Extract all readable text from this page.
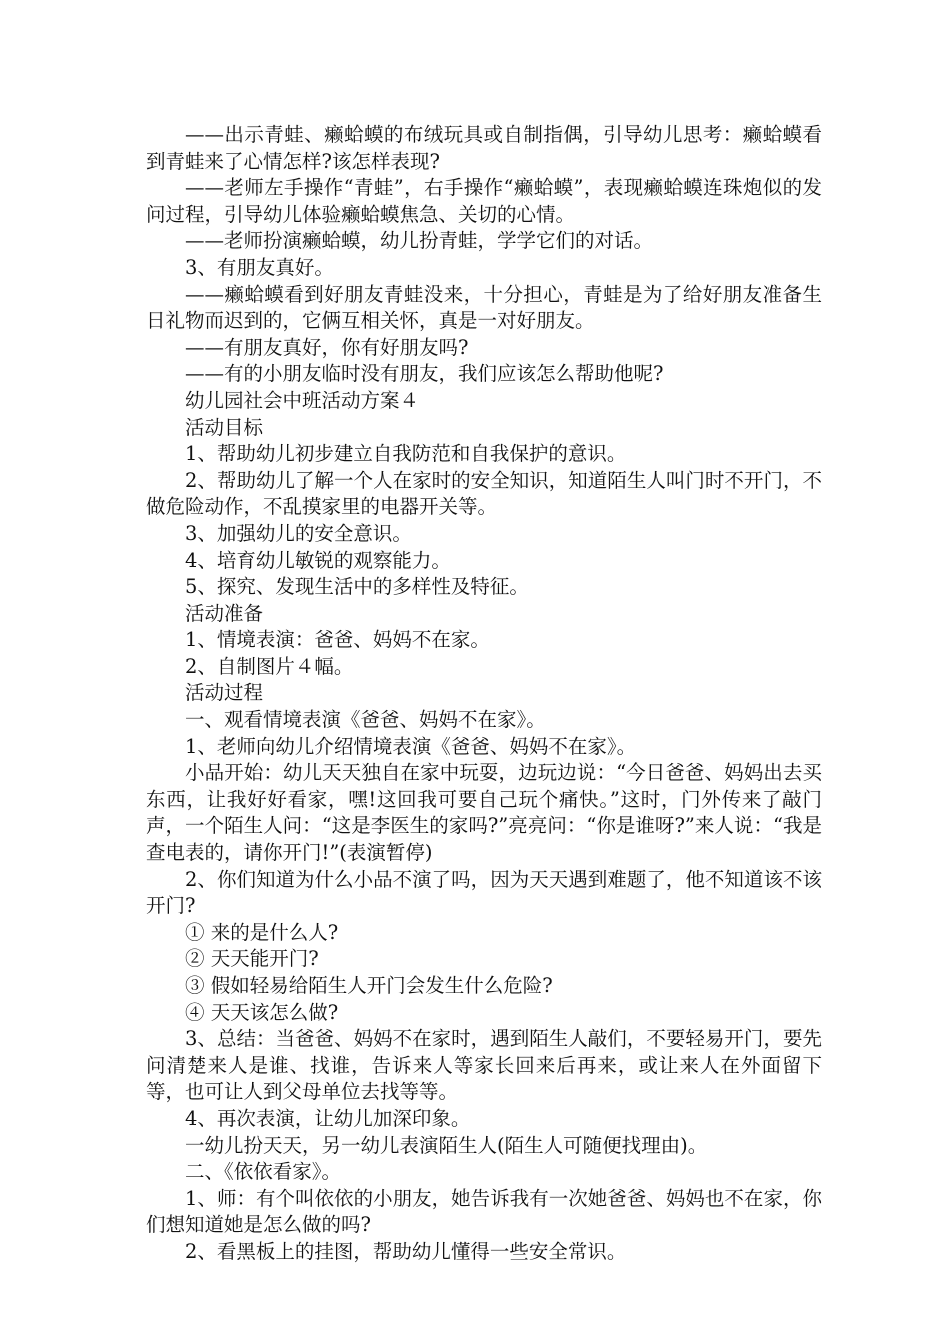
——出示青蛙、癞蛤蟆的布绒玩具或自制指偶，引导幼儿思考：癞蛤蟆看到青蛙来了心情怎样?该怎样表现?

——老师左手操作“青蛙”，右手操作“癞蛤蟆”，表现癞蛤蟆连珠炮似的发问过程，引导幼儿体验癞蛤蟆焦急、关切的心情。

——老师扮演癞蛤蟆，幼儿扮青蛙，学学它们的对话。

3、有朋友真好。

——癞蛤蟆看到好朋友青蛙没来，十分担心，青蛙是为了给好朋友准备生日礼物而迟到的，它俩互相关怀，真是一对好朋友。

——有朋友真好，你有好朋友吗?

——有的小朋友临时没有朋友，我们应该怎么帮助他呢?

幼儿园社会中班活动方案４

活动目标

1、帮助幼儿初步建立自我防范和自我保护的意识。

2、帮助幼儿了解一个人在家时的安全知识，知道陌生人叫门时不开门，不做危险动作，不乱摸家里的电器开关等。

3、加强幼儿的安全意识。

4、培育幼儿敏锐的观察能力。

5、探究、发现生活中的多样性及特征。

活动准备

1、情境表演：爸爸、妈妈不在家。

2、自制图片４幅。

活动过程

一、观看情境表演《爸爸、妈妈不在家》。

1、老师向幼儿介绍情境表演《爸爸、妈妈不在家》。

小品开始：幼儿天天独自在家中玩耍，边玩边说：“今日爸爸、妈妈出去买东西，让我好好看家，嘿!这回我可要自己玩个痛快。”这时，门外传来了敲门声，一个陌生人问：“这是李医生的家吗?”亮亮问：“你是谁呀?”来人说：“我是查电表的，请你开门!”(表演暂停)

2、你们知道为什么小品不演了吗，因为天天遇到难题了，他不知道该不该开门?

① 来的是什么人?

② 天天能开门?

③ 假如轻易给陌生人开门会发生什么危险?

④ 天天该怎么做?

3、总结：当爸爸、妈妈不在家时，遇到陌生人敲们，不要轻易开门，要先问清楚来人是谁、找谁，告诉来人等家长回来后再来，或让来人在外面留下等，也可让人到父母单位去找等等。

4、再次表演，让幼儿加深印象。

一幼儿扮天天，另一幼儿表演陌生人(陌生人可随便找理由)。

二、《依依看家》。

1、师：有个叫依依的小朋友，她告诉我有一次她爸爸、妈妈也不在家，你们想知道她是怎么做的吗?

2、看黑板上的挂图，帮助幼儿懂得一些安全常识。
